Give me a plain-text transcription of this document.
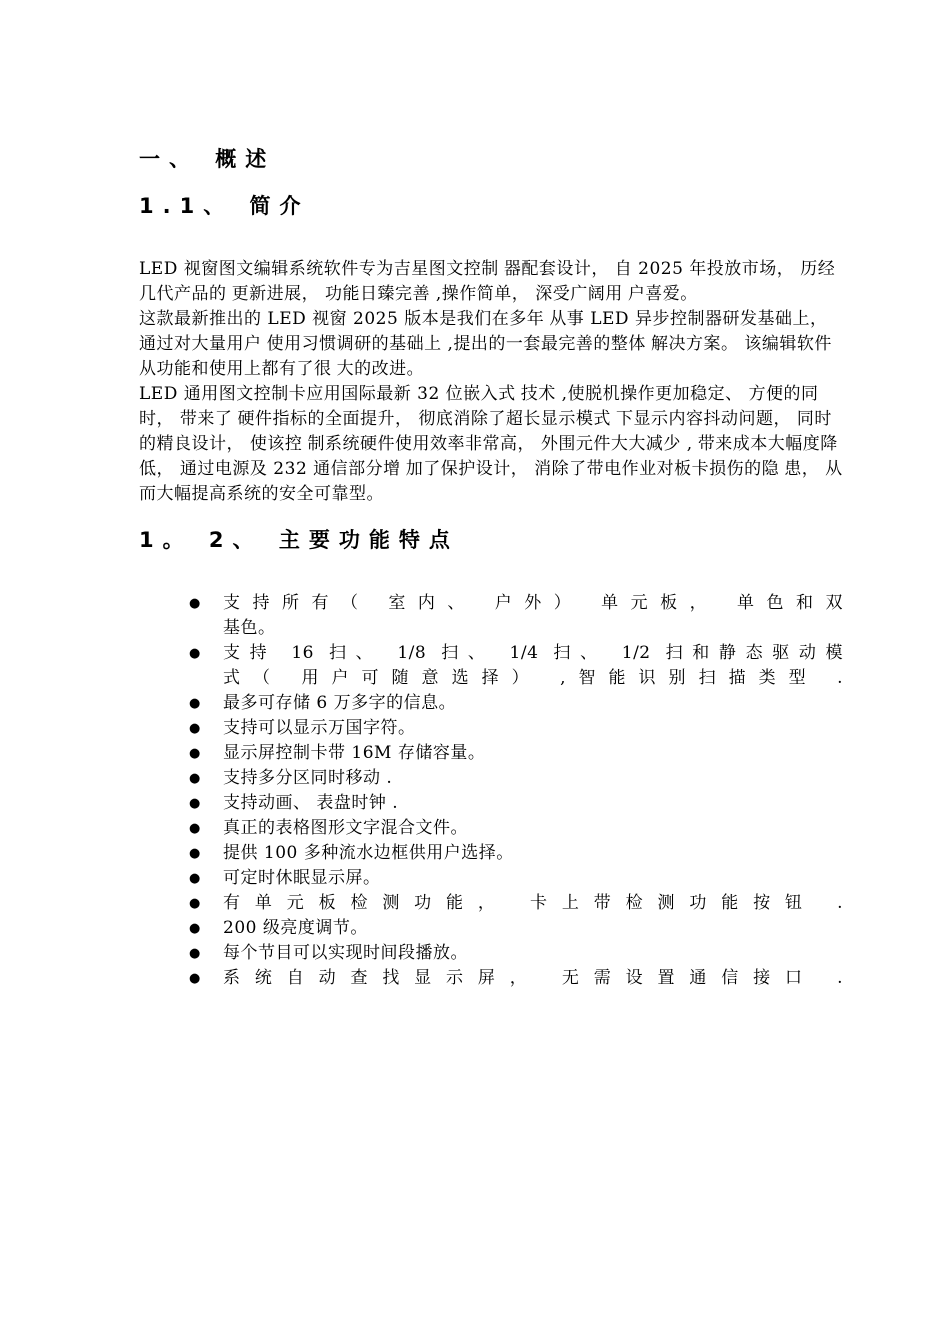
一、 概述
1.1、 简介

LED 视窗图文编辑系统软件专为吉星图文控制 器配套设计， 自 2025 年投放市场， 历经几代产品的 更新进展， 功能日臻完善 ,操作简单， 深受广阔用 户喜爱。

这款最新推出的 LED 视窗 2025 版本是我们在多年 从事 LED 异步控制器研发基础上， 通过对大量用户 使用习惯调研的基础上 ,提出的一套最完善的整体 解决方案。 该编辑软件从功能和使用上都有了很 大的改进。

LED 通用图文控制卡应用国际最新 32 位嵌入式 技术 ,使脱机操作更加稳定、 方便的同时， 带来了 硬件指标的全面提升， 彻底消除了超长显示模式 下显示内容抖动问题， 同时的精良设计， 使该控 制系统硬件使用效率非常高， 外围元件大大减少 , 带来成本大幅度降低， 通过电源及 232 通信部分增 加了保护设计， 消除了带电作业对板卡损伤的隐 患， 从而大幅提高系统的安全可靠型。

1。 2、 主要功能特点
● 支持所有（ 室内、 户外） 单元板， 单色和双
基色。
● 支持 16 扫、 1/8 扫、 1/4 扫、 1/2 扫和静态驱动模
式（ 用户可随意选择） ,智能识别扫描类型 .
● 最多可存储 6 万多字的信息。
● 支持可以显示万国字符。
● 显示屏控制卡带 16M 存储容量。
● 支持多分区同时移动 .
● 支持动画、 表盘时钟 .
● 真正的表格图形文字混合文件。
● 提供 100 多种流水边框供用户选择。
● 可定时休眠显示屏。
● 有单元板检测功能， 卡上带检测功能按钮 .
● 200 级亮度调节。
● 每个节目可以实现时间段播放。
● 系统自动查找显示屏， 无需设置通信接口 .
